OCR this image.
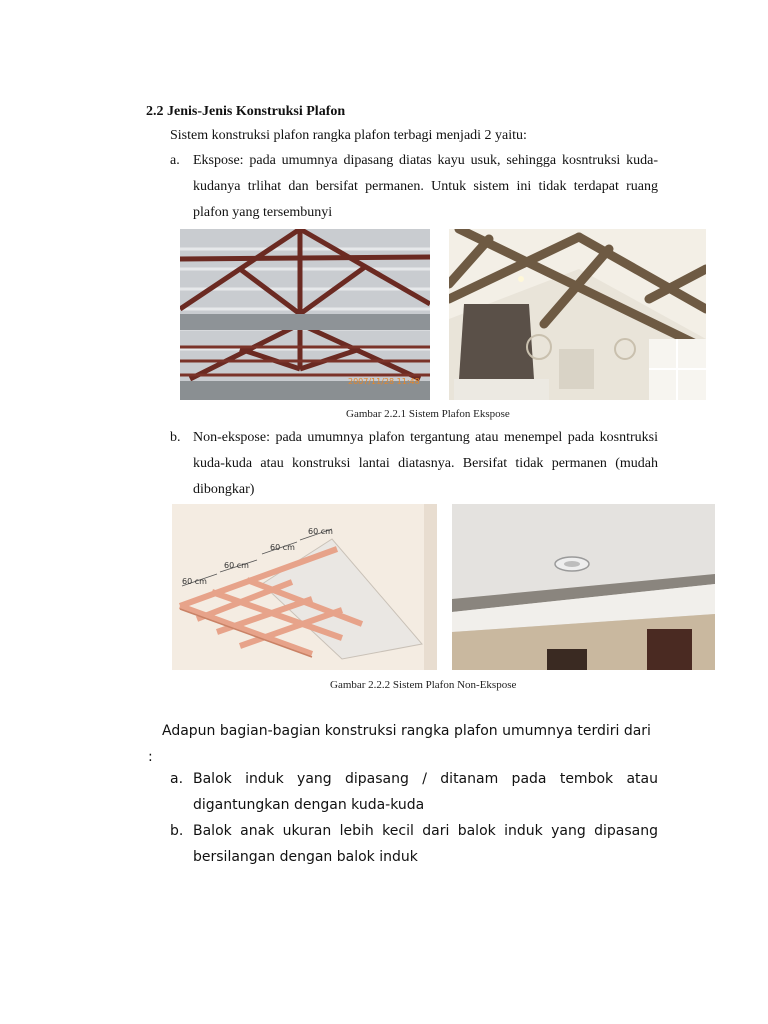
2.2 Jenis-Jenis Konstruksi Plafon
Sistem konstruksi plafon rangka plafon terbagi menjadi 2 yaitu:
a. Ekspose: pada umumnya dipasang diatas kayu usuk, sehingga kosntruksi kuda-kudanya trlihat dan bersifat permanen. Untuk sistem ini tidak terdapat ruang plafon yang tersembunyi
2007/11/28 11:48
Gambar 2.2.1 Sistem Plafon Ekspose
b. Non-ekspose: pada umumnya plafon tergantung atau menempel pada kosntruksi kuda-kuda atau konstruksi lantai diatasnya. Bersifat tidak permanen (mudah dibongkar)
60 cm
60 cm
60 cm
60 cm
Gambar 2.2.2 Sistem Plafon Non-Ekspose
Adapun bagian-bagian konstruksi rangka plafon umumnya terdiri dari :
a. Balok induk yang dipasang / ditanam pada tembok atau digantungkan dengan kuda-kuda
b. Balok anak ukuran lebih kecil dari balok induk yang dipasang bersilangan dengan balok induk
